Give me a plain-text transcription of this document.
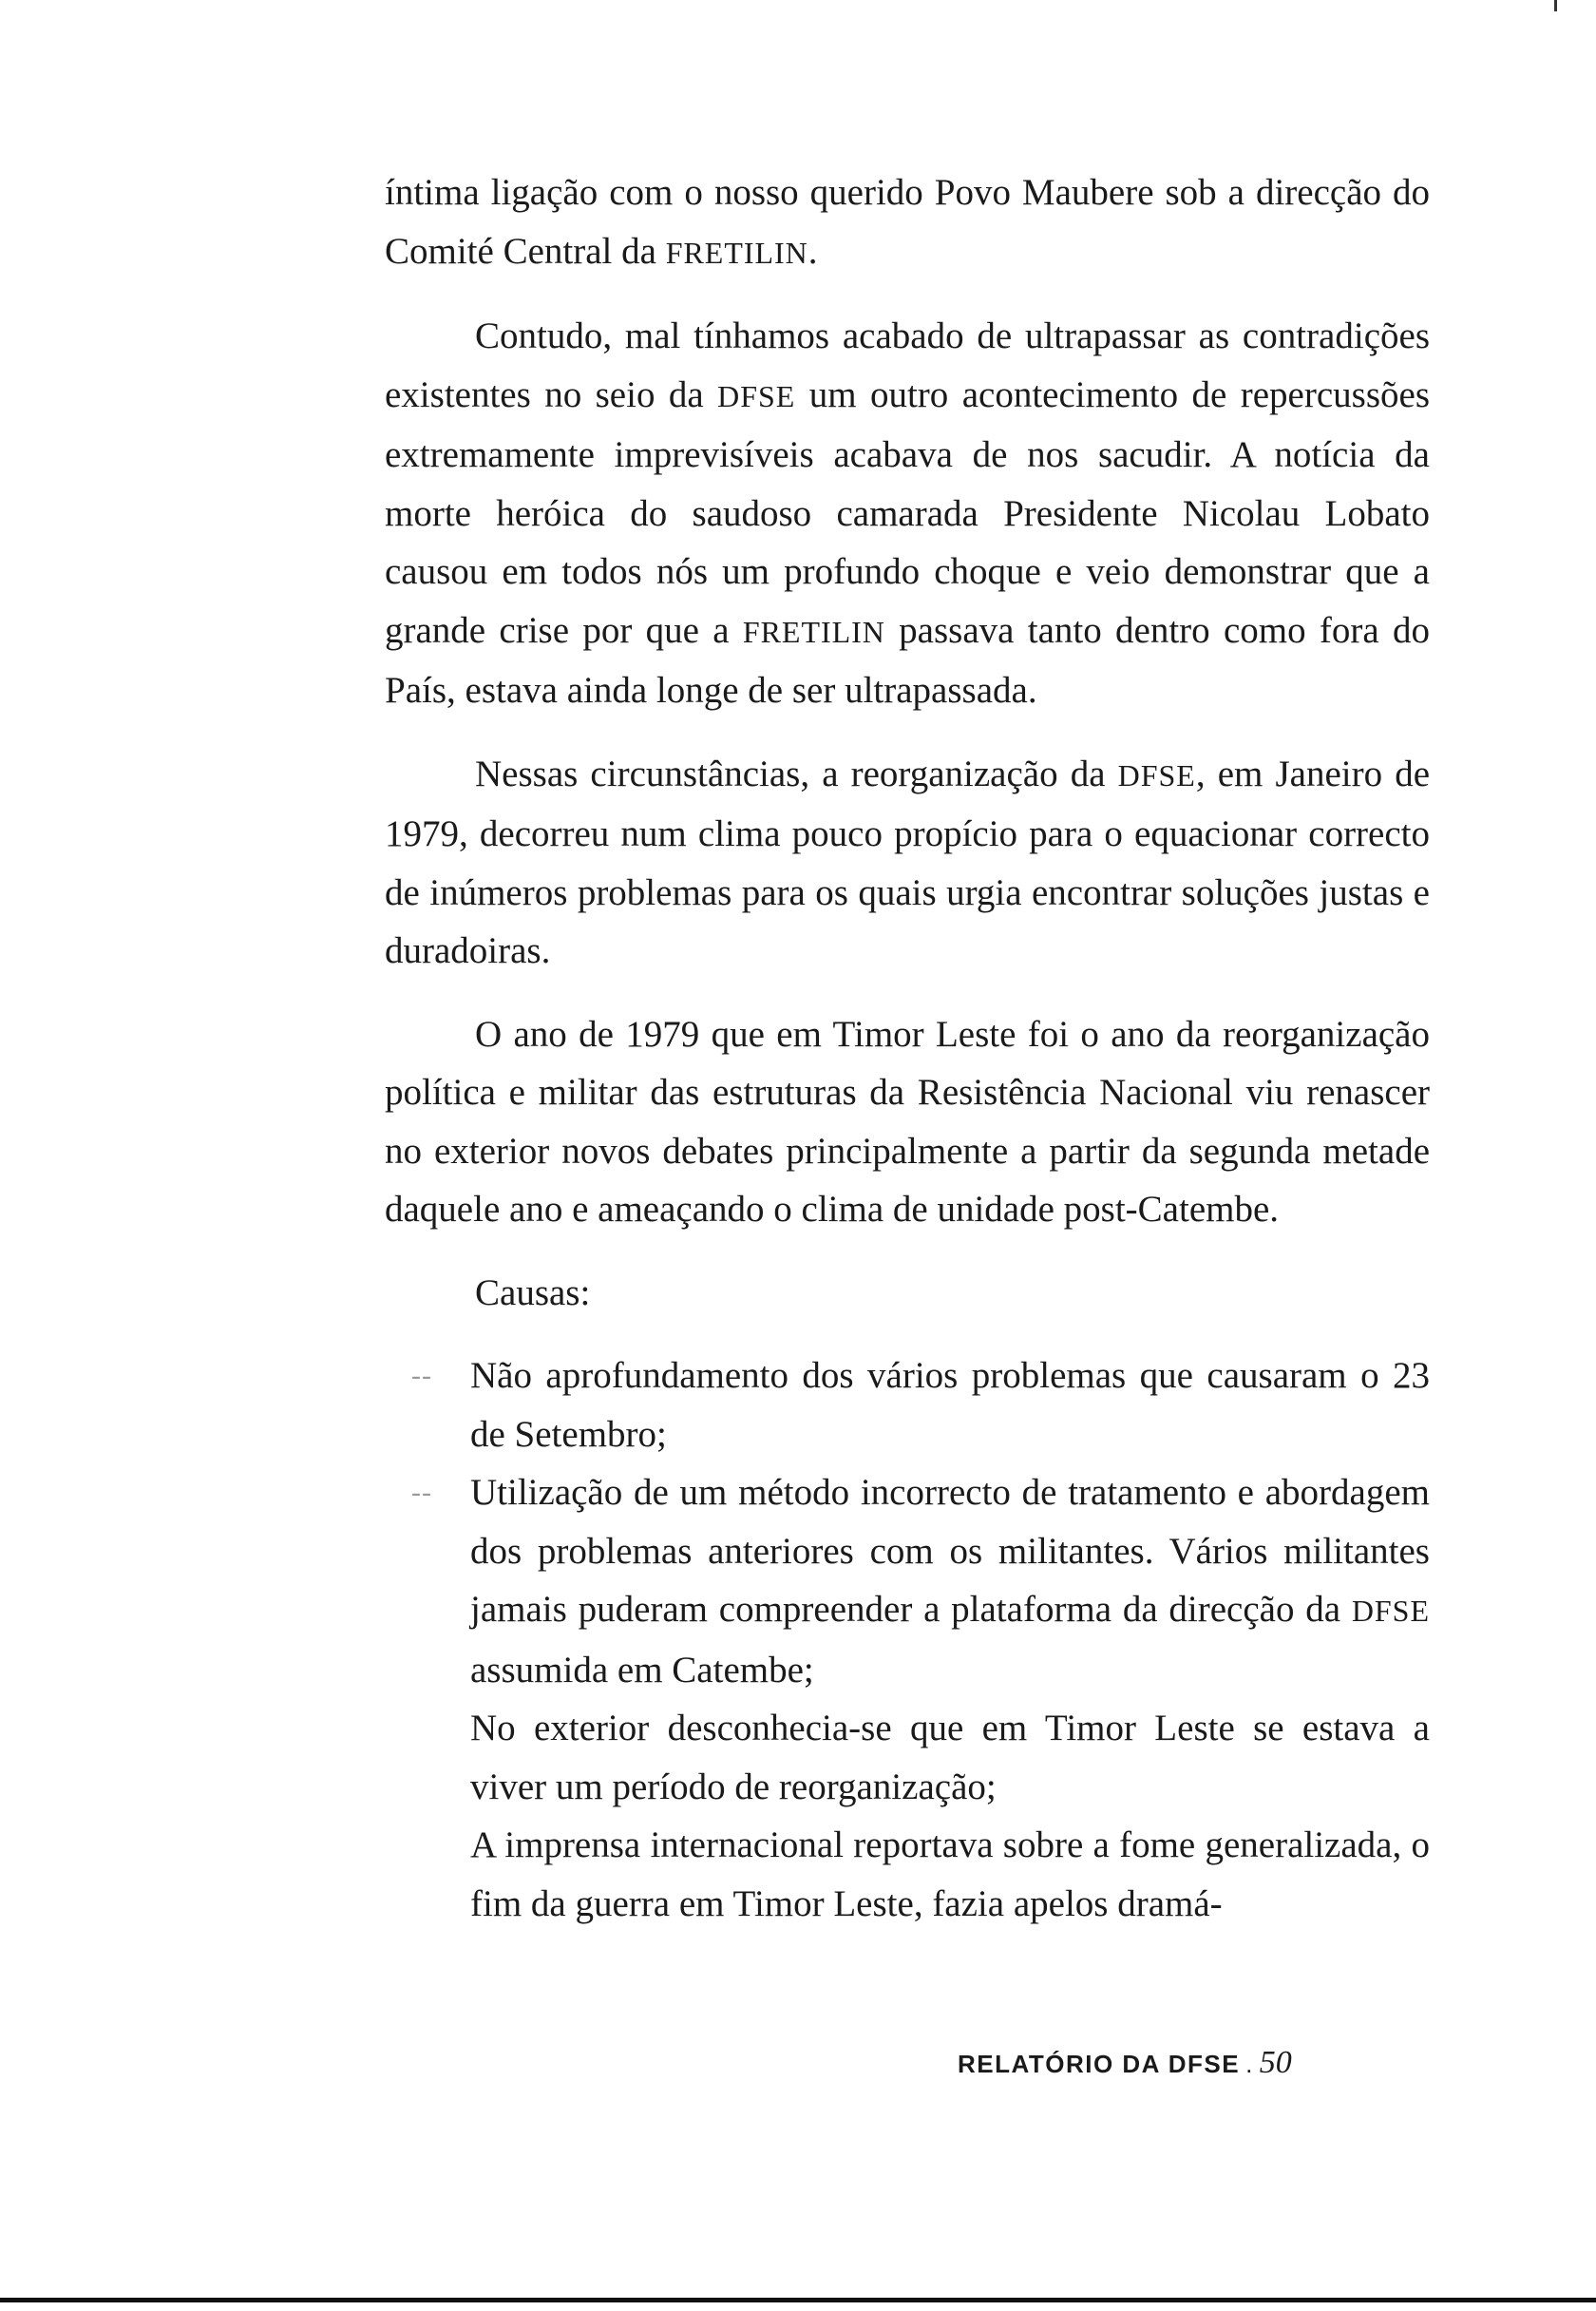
íntima ligação com o nosso querido Povo Maubere sob a direcção do Comité Central da FRETILIN.

Contudo, mal tínhamos acabado de ultrapassar as contradições existentes no seio da DFSE um outro acontecimento de repercussões extremamente imprevisíveis acabava de nos sacudir. A notícia da morte heróica do saudoso camarada Presidente Nicolau Lobato causou em todos nós um profundo choque e veio demonstrar que a grande crise por que a FRETILIN passava tanto dentro como fora do País, estava ainda longe de ser ultrapassada.

Nessas circunstâncias, a reorganização da DFSE, em Janeiro de 1979, decorreu num clima pouco propício para o equacionar correcto de inúmeros problemas para os quais urgia encontrar soluções justas e duradoiras.

O ano de 1979 que em Timor Leste foi o ano da reorganização política e militar das estruturas da Resistência Nacional viu renascer no exterior novos debates principalmente a partir da segunda metade daquele ano e ameaçando o clima de unidade post-Catembe.

Causas:

-- Não aprofundamento dos vários problemas que causaram o 23 de Setembro;
-- Utilização de um método incorrecto de tratamento e abordagem dos problemas anteriores com os militantes. Vários militantes jamais puderam compreender a plataforma da direcção da DFSE assumida em Catembe;
No exterior desconhecia-se que em Timor Leste se estava a viver um período de reorganização;
A imprensa internacional reportava sobre a fome generalizada, o fim da guerra em Timor Leste, fazia apelos dramá-
RELATÓRIO DA DFSE . 50
